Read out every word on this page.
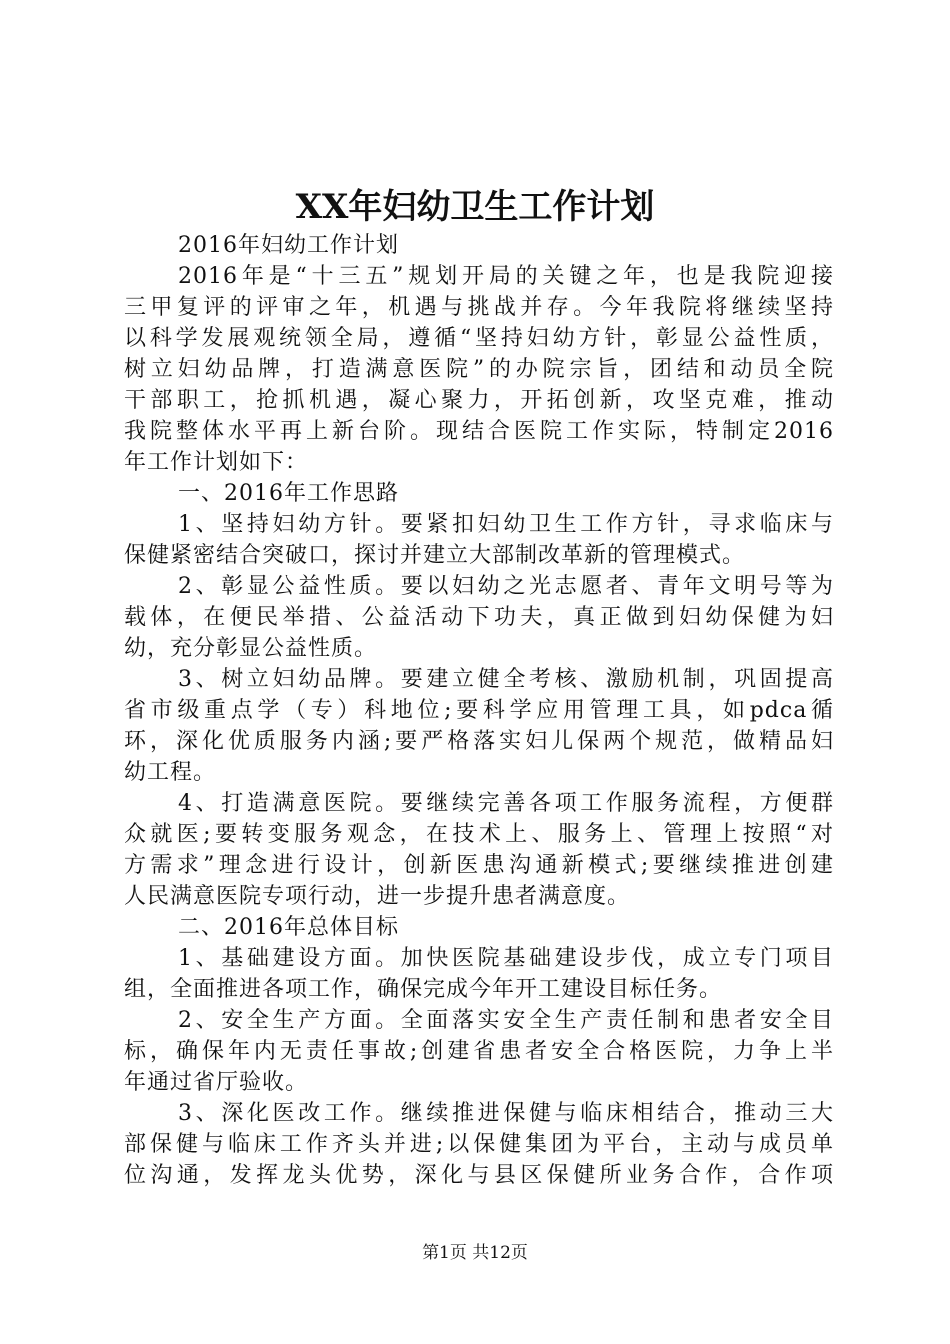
XX年妇幼卫生工作计划
2016年妇幼工作计划
2016年是“十三五”规划开局的关键之年，也是我院迎接
三甲复评的评审之年，机遇与挑战并存。今年我院将继续坚持
以科学发展观统领全局，遵循“坚持妇幼方针，彰显公益性质，
树立妇幼品牌，打造满意医院”的办院宗旨，团结和动员全院
干部职工，抢抓机遇，凝心聚力，开拓创新，攻坚克难，推动
我院整体水平再上新台阶。现结合医院工作实际，特制定2016
年工作计划如下：
一、2016年工作思路
1、坚持妇幼方针。要紧扣妇幼卫生工作方针，寻求临床与
保健紧密结合突破口，探讨并建立大部制改革新的管理模式。
2、彰显公益性质。要以妇幼之光志愿者、青年文明号等为
载体，在便民举措、公益活动下功夫，真正做到妇幼保健为妇
幼，充分彰显公益性质。
3、树立妇幼品牌。要建立健全考核、激励机制，巩固提高
省市级重点学（专）科地位;要科学应用管理工具，如pdca循
环，深化优质服务内涵;要严格落实妇儿保两个规范，做精品妇
幼工程。
4、打造满意医院。要继续完善各项工作服务流程，方便群
众就医;要转变服务观念，在技术上、服务上、管理上按照“对
方需求”理念进行设计，创新医患沟通新模式;要继续推进创建
人民满意医院专项行动，进一步提升患者满意度。
二、2016年总体目标
1、基础建设方面。加快医院基础建设步伐，成立专门项目
组，全面推进各项工作，确保完成今年开工建设目标任务。
2、安全生产方面。全面落实安全生产责任制和患者安全目
标，确保年内无责任事故;创建省患者安全合格医院，力争上半
年通过省厅验收。
3、深化医改工作。继续推进保健与临床相结合，推动三大
部保健与临床工作齐头并进;以保健集团为平台，主动与成员单
位沟通，发挥龙头优势，深化与县区保健所业务合作，合作项
第1页 共12页
